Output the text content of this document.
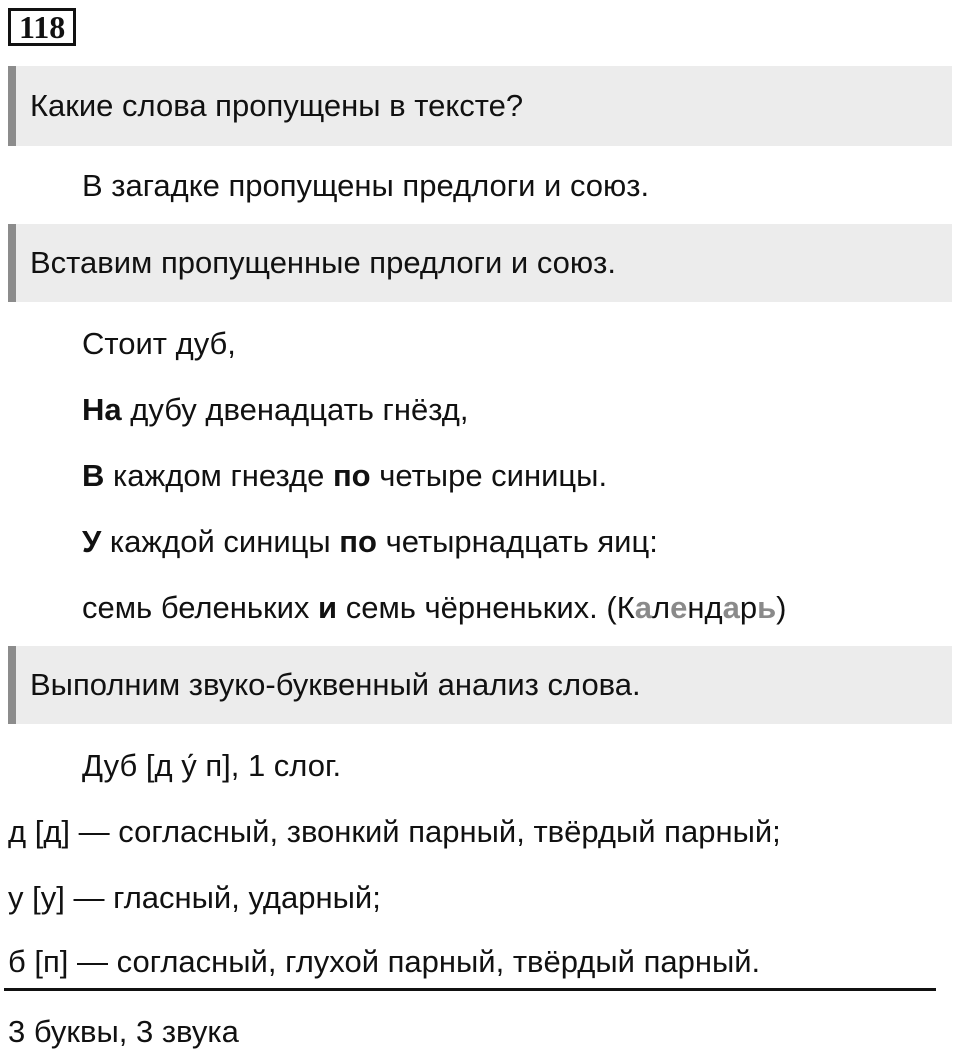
118
Какие слова пропущены в тексте?
В загадке пропущены предлоги и союз.
Вставим пропущенные предлоги и союз.
Стоит дуб,
На дубу двенадцать гнёзд,
В каждом гнезде по четыре синицы.
У каждой синицы по четырнадцать яиц:
семь беленьких и семь чёрненьких. (Календарь)
Выполним звуко-буквенный анализ слова.
Дуб [д у́ п], 1 слог.
д [д] — согласный, звонкий парный, твёрдый парный;
у [у] — гласный, ударный;
б [п] — согласный, глухой парный, твёрдый парный.
3 буквы, 3 звука
